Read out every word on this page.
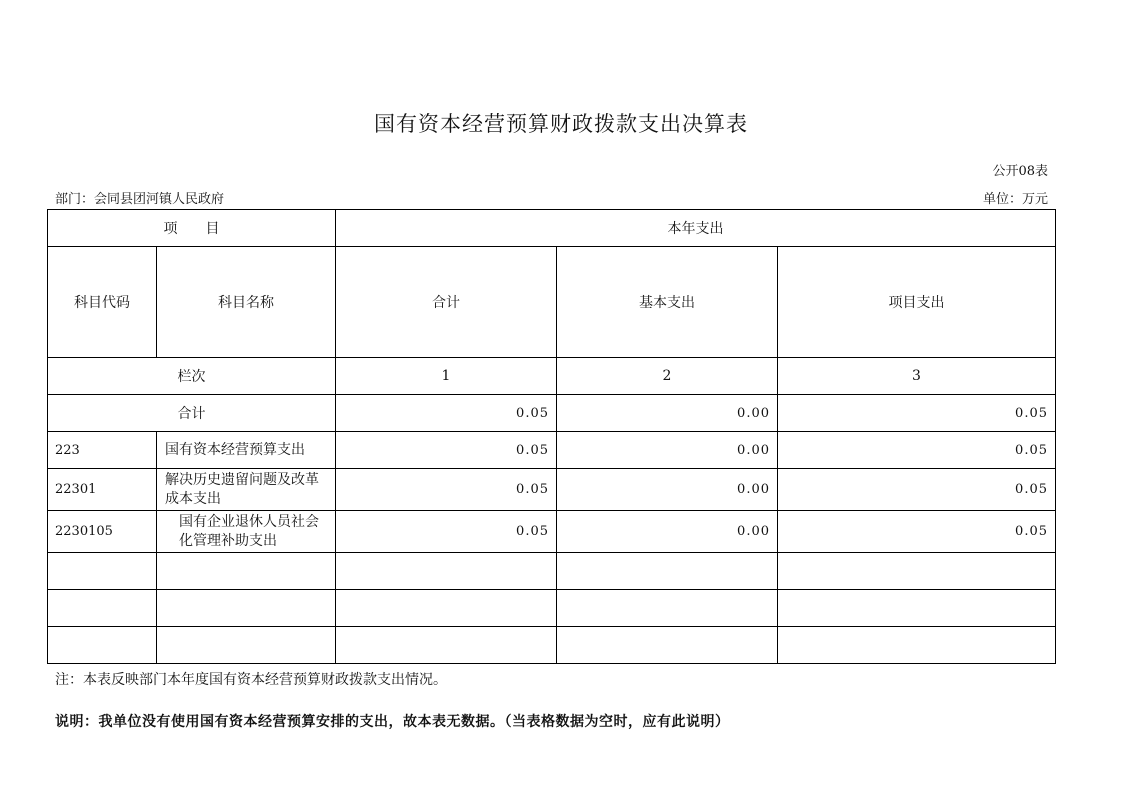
国有资本经营预算财政拨款支出决算表
公开08表
部门：会同县团河镇人民政府	单位：万元
项　　目		本年支出		
科目代码	科目名称	合计	基本支出	项目支出
栏次		1	2	3
合计		0.05	0.00	0.05
223	国有资本经营预算支出	0.05	0.00	0.05
22301	解决历史遗留问题及改革成本支出	0.05	0.00	0.05
2230105	国有企业退休人员社会化管理补助支出	0.05	0.00	0.05

注：本表反映部门本年度国有资本经营预算财政拨款支出情况。
说明：我单位没有使用国有资本经营预算安排的支出，故本表无数据。（当表格数据为空时，应有此说明）
